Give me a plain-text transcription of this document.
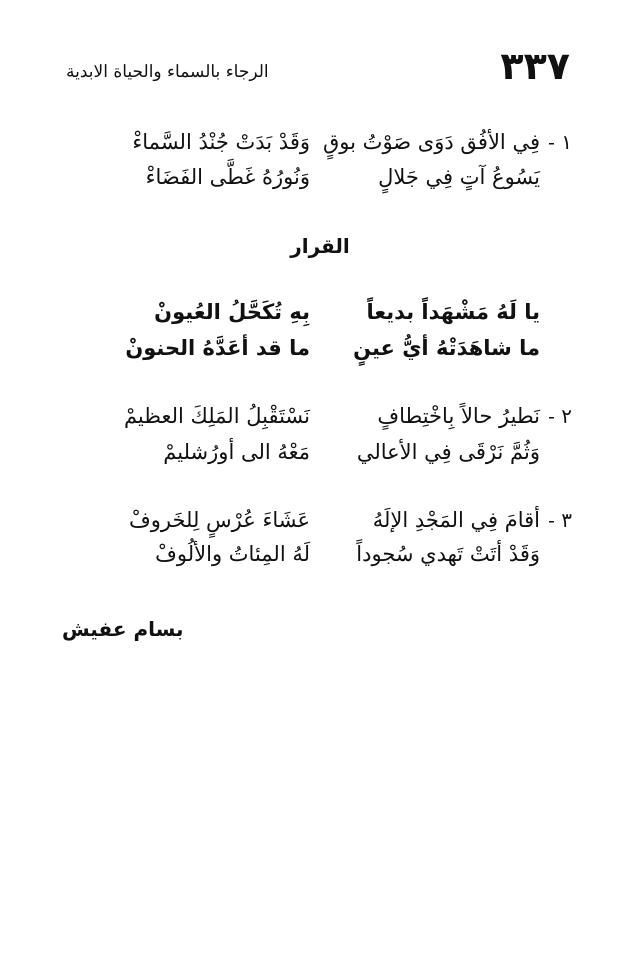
٣٣٧
الرجاء بالسماء والحياة الابدية
١ -
فِي الأفُق دَوَى صَوْتُ بوقٍ
وَقَدْ بَدَتْ جُنْدُ السَّماءْ
يَسُوعُ آتٍ فِي جَلالٍ
وَنُورُهُ غَطَّى الفَضَاءْ
القرار
يا لَهُ مَشْهَداً بديعاً
بِهِ تُكَحَّلُ العُيونْ
ما شاهَدَتْهُ أيُّ عينٍ
ما قد أعَدَّهُ الحنونْ
٢ -
نَطيرُ حالاً بِاخْتِطافٍ
نَسْتَقْبِلُ المَلِكَ العظيمْ
وَثُمَّ نَرْقَى فِي الأعالي
مَعْهُ الى أورُشليمْ
٣ -
أقامَ فِي المَجْدِ الإلَهُ
عَشَاءَ عُرْسٍ لِلخَروفْ
وَقَدْ أتَتْ تَهدي سُجوداً
لَهُ المِئاتُ والألُوفْ
بسام عفيش
